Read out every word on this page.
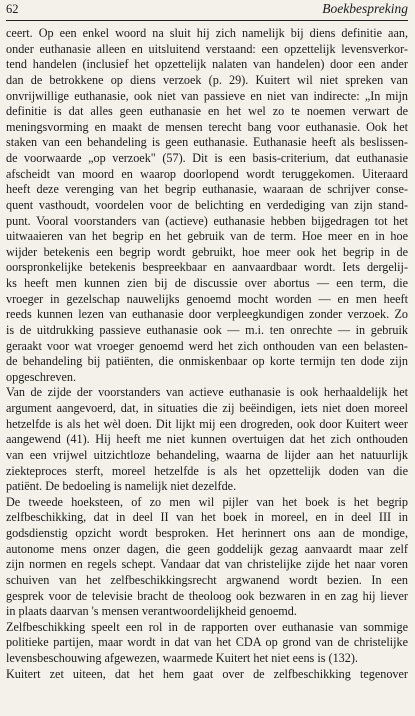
62	Boekbespreking
ceert. Op een enkel woord na sluit hij zich namelijk bij diens definitie aan,
onder euthanasie alleen en uitsluitend verstaand: een opzettelijk levensverkor-
tend handelen (inclusief het opzettelijk nalaten van handelen) door een ander
dan de betrokkene op diens verzoek (p. 29). Kuitert wil niet spreken van
onvrijwillige euthanasie, ook niet van passieve en niet van indirecte: „In mijn
definitie is dat alles geen euthanasie en het wel zo te noemen verwart de
meningsvorming en maakt de mensen terecht bang voor euthanasie. Ook het
staken van een behandeling is geen euthanasie. Euthanasie heeft als beslissen-
de voorwaarde „op verzoek" (57). Dit is een basis-criterium, dat euthanasie
afscheidt van moord en waarop doorlopend wordt teruggekomen. Uiteraard
heeft deze verenging van het begrip euthanasie, waaraan de schrijver conse-
quent vasthoudt, voordelen voor de belichting en verdediging van zijn stand-
punt. Vooral voorstanders van (actieve) euthanasie hebben bijgedragen tot het
uitwaaieren van het begrip en het gebruik van de term. Hoe meer en in hoe
wijder betekenis een begrip wordt gebruikt, hoe meer ook het begrip in de
oorspronkelijke betekenis bespreekbaar en aanvaardbaar wordt. Iets dergelij-
ks heeft men kunnen zien bij de discussie over abortus — een term, die
vroeger in gezelschap nauwelijks genoemd mocht worden — en men heeft
reeds kunnen lezen van euthanasie door verpleegkundigen zonder verzoek. Zo
is de uitdrukking passieve euthanasie ook — m.i. ten onrechte — in gebruik
geraakt voor wat vroeger genoemd werd het zich onthouden van een belasten-
de behandeling bij patiënten, die onmiskenbaar op korte termijn ten dode zijn
opgeschreven.
Van de zijde der voorstanders van actieve euthanasie is ook herhaaldelijk het
argument aangevoerd, dat, in situaties die zij beëindigen, iets niet doen moreel
hetzelfde is als het wèl doen. Dit lijkt mij een drogreden, ook door Kuitert weer
aangewend (41). Hij heeft me niet kunnen overtuigen dat het zich onthouden
van een vrijwel uitzichtloze behandeling, waarna de lijder aan het natuurlijk
ziekteproces sterft, moreel hetzelfde is als het opzettelijk doden van die
patiënt. De bedoeling is namelijk niet dezelfde.
De tweede hoeksteen, of zo men wil pijler van het boek is het begrip
zelfbeschikking, dat in deel II van het boek in moreel, en in deel III in
godsdienstig opzicht wordt besproken. Het herinnert ons aan de mondige,
autonome mens onzer dagen, die geen goddelijk gezag aanvaardt maar zelf
zijn normen en regels schept. Vandaar dat van christelijke zijde het naar voren
schuiven van het zelfbeschikkingsrecht argwanend wordt bezien. In een
gesprek voor de televisie bracht de theoloog ook bezwaren in en zag hij liever
in plaats daarvan 's mensen verantwoordelijkheid genoemd.
Zelfbeschikking speelt een rol in de rapporten over euthanasie van sommige
politieke partijen, maar wordt in dat van het CDA op grond van de christelijke
levensbeschouwing afgewezen, waarmede Kuitert het niet eens is (132).
Kuitert zet uiteen, dat het hem gaat over de zelfbeschikking tegenover
